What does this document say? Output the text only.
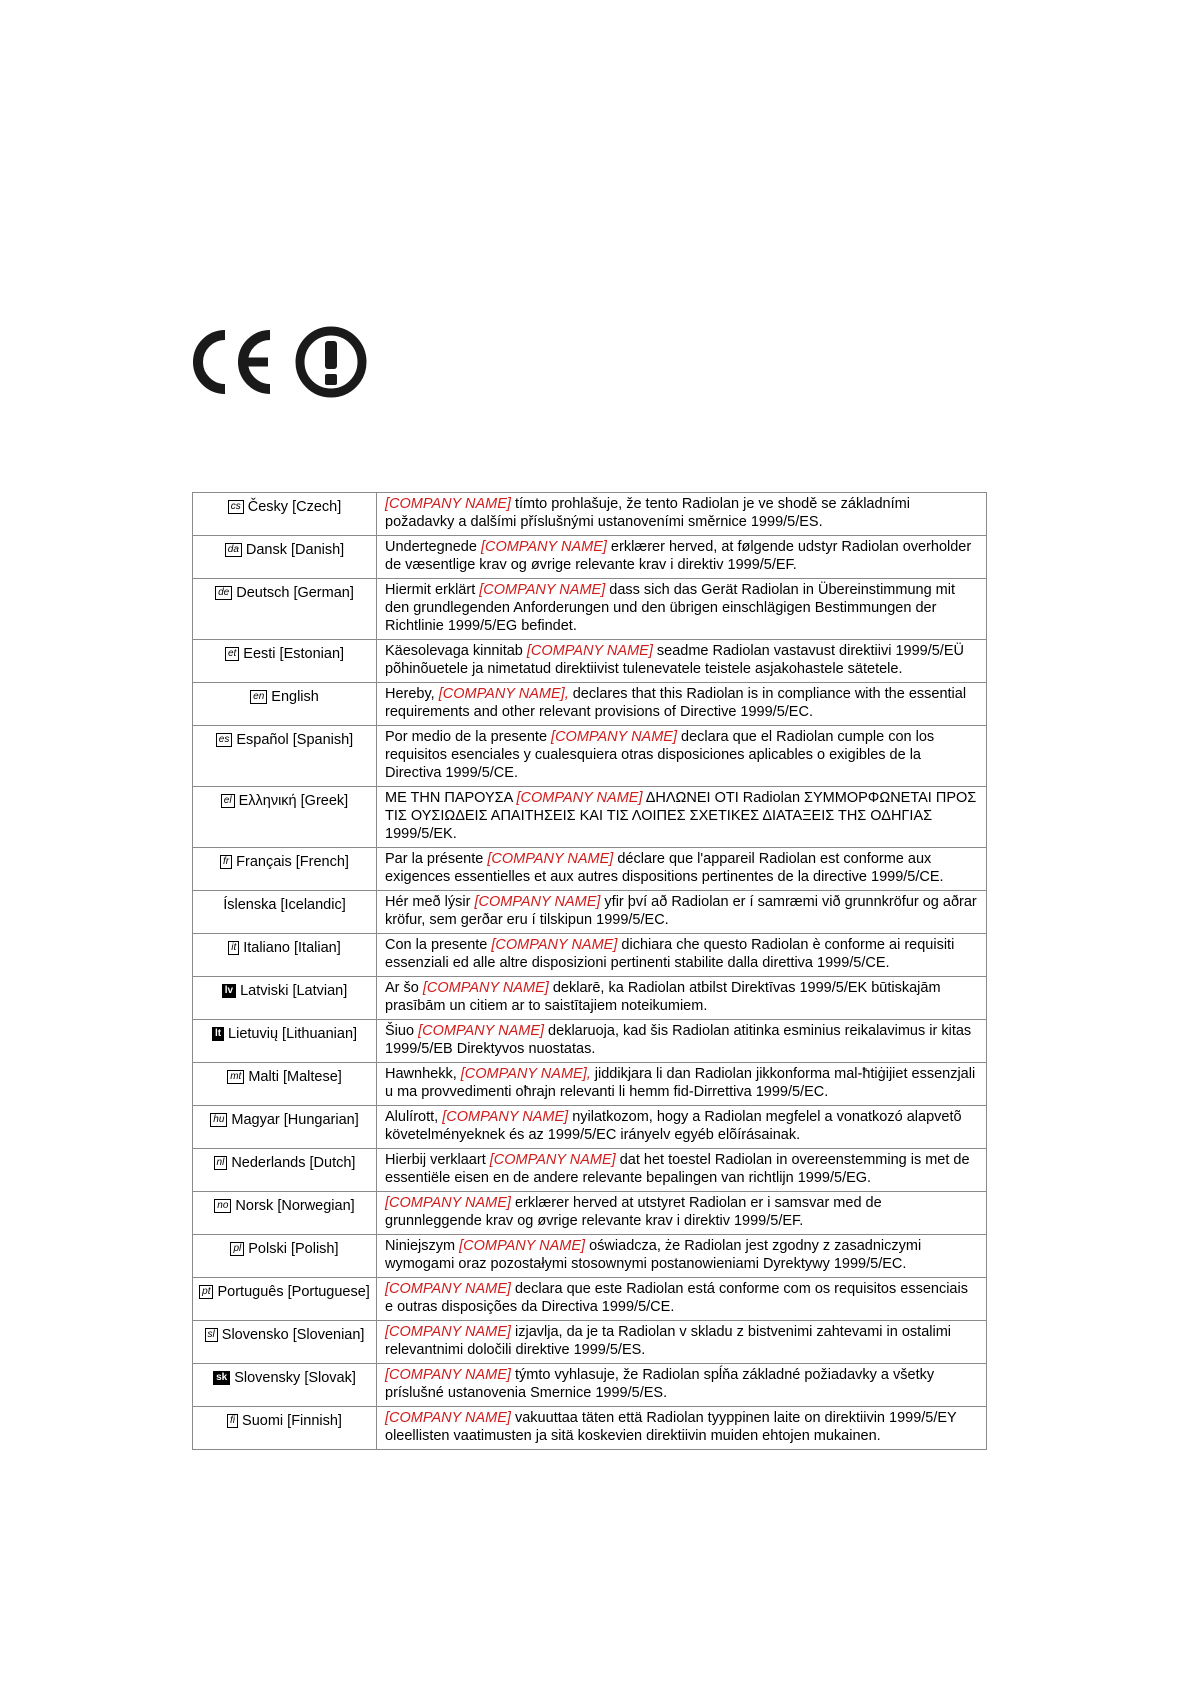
cs Česky [Czech]	[COMPANY NAME] tímto prohlašuje, že tento Radiolan je ve shodě se základními požadavky a dalšími příslušnými ustanoveními směrnice 1999/5/ES.
da Dansk [Danish]	Undertegnede [COMPANY NAME] erklærer herved, at følgende udstyr Radiolan overholder de væsentlige krav og øvrige relevante krav i direktiv 1999/5/EF.
de Deutsch [German]	Hiermit erklärt [COMPANY NAME] dass sich das Gerät Radiolan in Übereinstimmung mit den grundlegenden Anforderungen und den übrigen einschlägigen Bestimmungen der Richtlinie 1999/5/EG befindet.
et Eesti [Estonian]	Käesolevaga kinnitab [COMPANY NAME] seadme Radiolan vastavust direktiivi 1999/5/EÜ põhinõuetele ja nimetatud direktiivist tulenevatele teistele asjakohastele sätetele.
en English	Hereby, [COMPANY NAME], declares that this Radiolan is in compliance with the essential requirements and other relevant provisions of Directive 1999/5/EC.
es Español [Spanish]	Por medio de la presente [COMPANY NAME] declara que el Radiolan cumple con los requisitos esenciales y cualesquiera otras disposiciones aplicables o exigibles de la Directiva 1999/5/CE.
el Ελληνική [Greek]	ΜΕ ΤΗΝ ΠΑΡΟΥΣΑ [COMPANY NAME] ΔΗΛΩΝΕΙ ΟΤΙ Radiolan ΣΥΜΜΟΡΦΩΝΕΤΑΙ ΠΡΟΣ ΤΙΣ ΟΥΣΙΩΔΕΙΣ ΑΠΑΙΤΗΣΕΙΣ ΚΑΙ ΤΙΣ ΛΟΙΠΕΣ ΣΧΕΤΙΚΕΣ ΔΙΑΤΑΞΕΙΣ ΤΗΣ ΟΔΗΓΙΑΣ 1999/5/ΕΚ.
fr Français [French]	Par la présente [COMPANY NAME] déclare que l'appareil Radiolan est conforme aux exigences essentielles et aux autres dispositions pertinentes de la directive 1999/5/CE.
Íslenska [Icelandic]	Hér með lýsir [COMPANY NAME] yfir því að Radiolan er í samræmi við grunnkröfur og aðrar kröfur, sem gerðar eru í tilskipun 1999/5/EC.
it Italiano [Italian]	Con la presente [COMPANY NAME] dichiara che questo Radiolan è conforme ai requisiti essenziali ed alle altre disposizioni pertinenti stabilite dalla direttiva 1999/5/CE.
lv Latviski [Latvian]	Ar šo [COMPANY NAME] deklarē, ka Radiolan atbilst Direktīvas 1999/5/EK būtiskajām prasībām un citiem ar to saistītajiem noteikumiem.
lt Lietuvių [Lithuanian]	Šiuo [COMPANY NAME] deklaruoja, kad šis Radiolan atitinka esminius reikalavimus ir kitas 1999/5/EB Direktyvos nuostatas.
mt Malti [Maltese]	Hawnhekk, [COMPANY NAME], jiddikjara li dan Radiolan jikkonforma mal-ħtiġijiet essenzjali u ma provvedimenti oħrajn relevanti li hemm fid-Dirrettiva 1999/5/EC.
hu Magyar [Hungarian]	Alulírott, [COMPANY NAME] nyilatkozom, hogy a Radiolan megfelel a vonatkozó alapvetõ követelményeknek és az 1999/5/EC irányelv egyéb elõírásainak.
nl Nederlands [Dutch]	Hierbij verklaart [COMPANY NAME] dat het toestel Radiolan in overeenstemming is met de essentiële eisen en de andere relevante bepalingen van richtlijn 1999/5/EG.
no Norsk [Norwegian]	[COMPANY NAME] erklærer herved at utstyret Radiolan er i samsvar med de grunnleggende krav og øvrige relevante krav i direktiv 1999/5/EF.
pl Polski [Polish]	Niniejszym [COMPANY NAME] oświadcza, że Radiolan jest zgodny z zasadniczymi wymogami oraz pozostałymi stosownymi postanowieniami Dyrektywy 1999/5/EC.
pt Português [Portuguese]	[COMPANY NAME] declara que este Radiolan está conforme com os requisitos essenciais e outras disposições da Directiva 1999/5/CE.
sl Slovensko [Slovenian]	[COMPANY NAME] izjavlja, da je ta Radiolan v skladu z bistvenimi zahtevami in ostalimi relevantnimi določili direktive 1999/5/ES.
sk Slovensky [Slovak]	[COMPANY NAME] týmto vyhlasuje, že Radiolan spĺňa základné požiadavky a všetky príslušné ustanovenia Smernice 1999/5/ES.
fi Suomi [Finnish]	[COMPANY NAME] vakuuttaa täten että Radiolan tyyppinen laite on direktiivin 1999/5/EY oleellisten vaatimusten ja sitä koskevien direktiivin muiden ehtojen mukainen.
